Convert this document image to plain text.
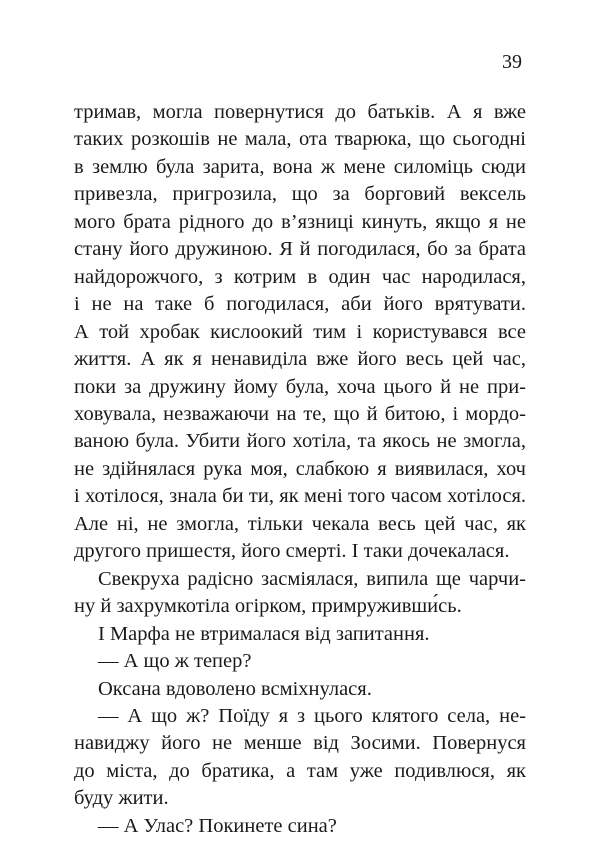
39
тримав, могла повернутися до батьків. А я вже
таких розкошів не мала, ота тварюка, що сьогодні
в землю була зарита, вона ж мене силоміць сюди
привезла, пригрозила, що за борговий вексель
мого брата рідного до в’язниці кинуть, якщо я не
стану його дружиною. Я й погодилася, бо за брата
найдорожчого, з котрим в один час народилася,
і не на таке б погодилася, аби його врятувати.
А той хробак кислоокий тим і користувався все
життя. А як я ненавиділа вже його весь цей час,
поки за дружину йому була, хоча цього й не при-
ховувала, незважаючи на те, що й битою, і мордо-
ваною була. Убити його хотіла, та якось не змогла,
не здійнялася рука моя, слабкою я виявилася, хоч
і хотілося, знала би ти, як мені того часом хотілося.
Але ні, не змогла, тільки чекала весь цей час, як
другого пришестя, його смерті. І таки дочекалася.
Свекруха радісно засміялася, випила ще чарчи-
ну й захрумкотіла огірком, примруживши́сь.
І Марфа не втрималася від запитання.
— А що ж тепер?
Оксана вдоволено всміхнулася.
— А що ж? Поїду я з цього клятого села, не-
навиджу його не менше від Зосими. Повернуся
до міста, до братика, а там уже подивлюся, як
буду жити.
— А Улас? Покинете сина?
